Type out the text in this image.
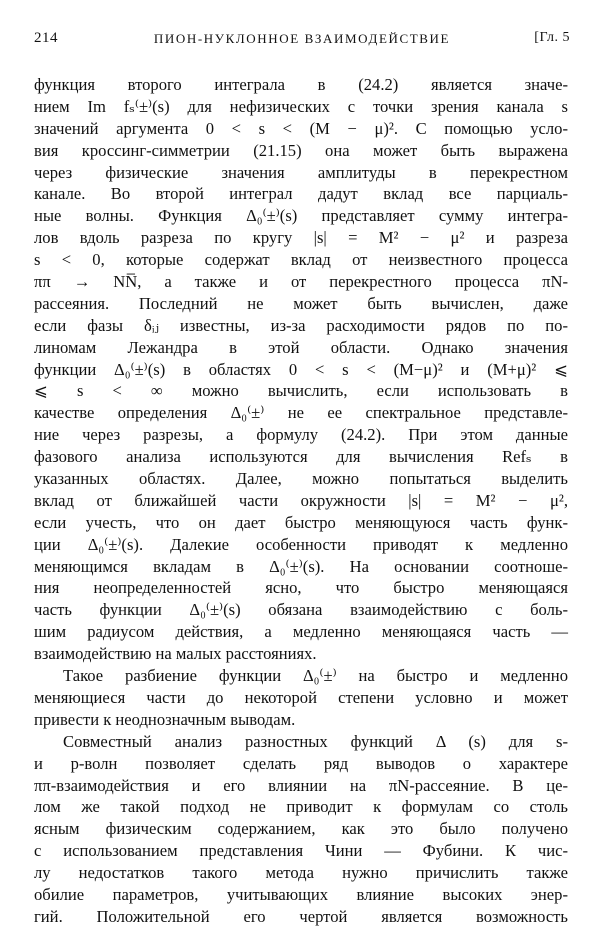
214	ПИОН-НУКЛОННОЕ ВЗАИМОДЕЙСТВИЕ	[Гл. 5
функция второго интеграла в (24.2) является значе-
нием Im fₛ⁽±⁾(s) для нефизических с точки зрения канала s
значений аргумента 0 < s < (M − μ)². С помощью усло-
вия кроссинг-симметрии (21.15) она может быть выражена
через физические значения амплитуды в перекрестном
канале. Во второй интеграл дадут вклад все парциаль-
ные волны. Функция Δ₀⁽±⁾(s) представляет сумму интегра-
лов вдоль разреза по кругу |s| = M² − μ² и разреза
s < 0, которые содержат вклад от неизвестного процесса
ππ → NN̅, а также и от перекрестного процесса πN-
рассеяния. Последний не может быть вычислен, даже
если фазы δᵢⱼ известны, из-за расходимости рядов по по-
линомам Лежандра в этой области. Однако значения
функции Δ₀⁽±⁾(s) в областях 0 < s < (M−μ)² и (M+μ)² ⩽
⩽ s < ∞ можно вычислить, если использовать в
качестве определения Δ₀⁽±⁾ не ее спектральное представле-
ние через разрезы, а формулу (24.2). При этом данные
фазового анализа используются для вычисления Refₛ в
указанных областях. Далее, можно попытаться выделить
вклад от ближайшей части окружности |s| = M² − μ²,
если учесть, что он дает быстро меняющуюся часть функ-
ции Δ₀⁽±⁾(s). Далекие особенности приводят к медленно
меняющимся вкладам в Δ₀⁽±⁾(s). На основании соотноше-
ния неопределенностей ясно, что быстро меняющаяся
часть функции Δ₀⁽±⁾(s) обязана взаимодействию с боль-
шим радиусом действия, а медленно меняющаяся часть —
взаимодействию на малых расстояниях.
Такое разбиение функции Δ₀⁽±⁾ на быстро и медленно
меняющиеся части до некоторой степени условно и может
привести к неоднозначным выводам.
Совместный анализ разностных функций Δ (s) для s-
и p-волн позволяет сделать ряд выводов о характере
ππ-взаимодействия и его влиянии на πN-рассеяние. В це-
лом же такой подход не приводит к формулам со столь
ясным физическим содержанием, как это было получено
с использованием представления Чини — Фубини. К чис-
лу недостатков такого метода нужно причислить также
обилие параметров, учитывающих влияние высоких энер-
гий. Положительной его чертой является возможность
